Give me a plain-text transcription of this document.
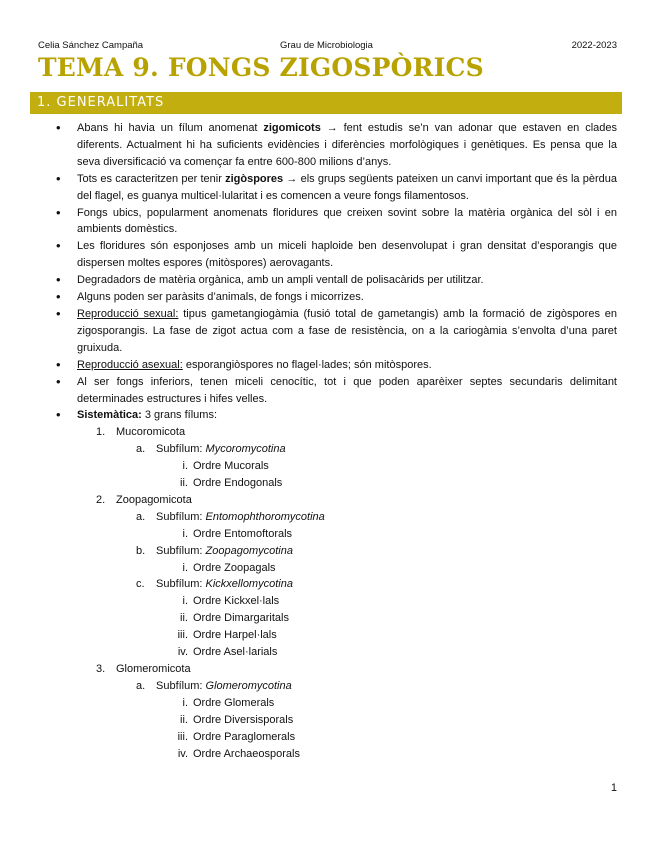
Celia Sánchez Campaña	Grau de Microbiologia	2022-2023
TEMA 9. FONGS ZIGOSPÒRICS
1. GENERALITATS
• Abans hi havia un fílum anomenat zigomicots → fent estudis se’n van adonar que estaven en clades diferents. Actualment hi ha suficients evidències i diferències morfològiques i genètiques. Es pensa que la seva diversificació va començar fa entre 600-800 milions d’anys.
• Tots es caracteritzen per tenir zigòspores → els grups següents pateixen un canvi important que és la pèrdua del flagel, es guanya multicel·lularitat i es comencen a veure fongs filamentosos.
• Fongs ubics, popularment anomenats floridures que creixen sovint sobre la matèria orgànica del sòl i en ambients domèstics.
• Les floridures són esponjoses amb un miceli haploide ben desenvolupat i gran densitat d’esporangis que dispersen moltes espores (mitòspores) aerovagants.
• Degradadors de matèria orgànica, amb un ampli ventall de polisacàrids per utilitzar.
• Alguns poden ser paràsits d’animals, de fongs i micorrizes.
• Reproducció sexual: tipus gametangiogàmia (fusió total de gametangis) amb la formació de zigòspores en zigosporangis. La fase de zigot actua com a fase de resistència, on a la cariogàmia s’envolta d’una paret gruixuda.
• Reproducció asexual: esporangiòspores no flagel·lades; són mitòspores.
• Al ser fongs inferiors, tenen miceli cenocític, tot i que poden aparèixer septes secundaris delimitant determinades estructures i hifes velles.
• Sistemàtica: 3 grans fílums:
1. Mucoromicota
a. Subfílum: Mycoromycotina
i. Ordre Mucorals
ii. Ordre Endogonals
2. Zoopagomicota
a. Subfílum: Entomophthoromycotina
i. Ordre Entomoftorals
b. Subfílum: Zoopagomycotina
i. Ordre Zoopagals
c. Subfílum: Kickxellomycotina
i. Ordre Kickxel·lals
ii. Ordre Dimargaritals
iii. Ordre Harpel·lals
iv. Ordre Asel·larials
3. Glomeromicota
a. Subfílum: Glomeromycotina
i. Ordre Glomerals
ii. Ordre Diversisporals
iii. Ordre Paraglomerals
iv. Ordre Archaeosporals
1
